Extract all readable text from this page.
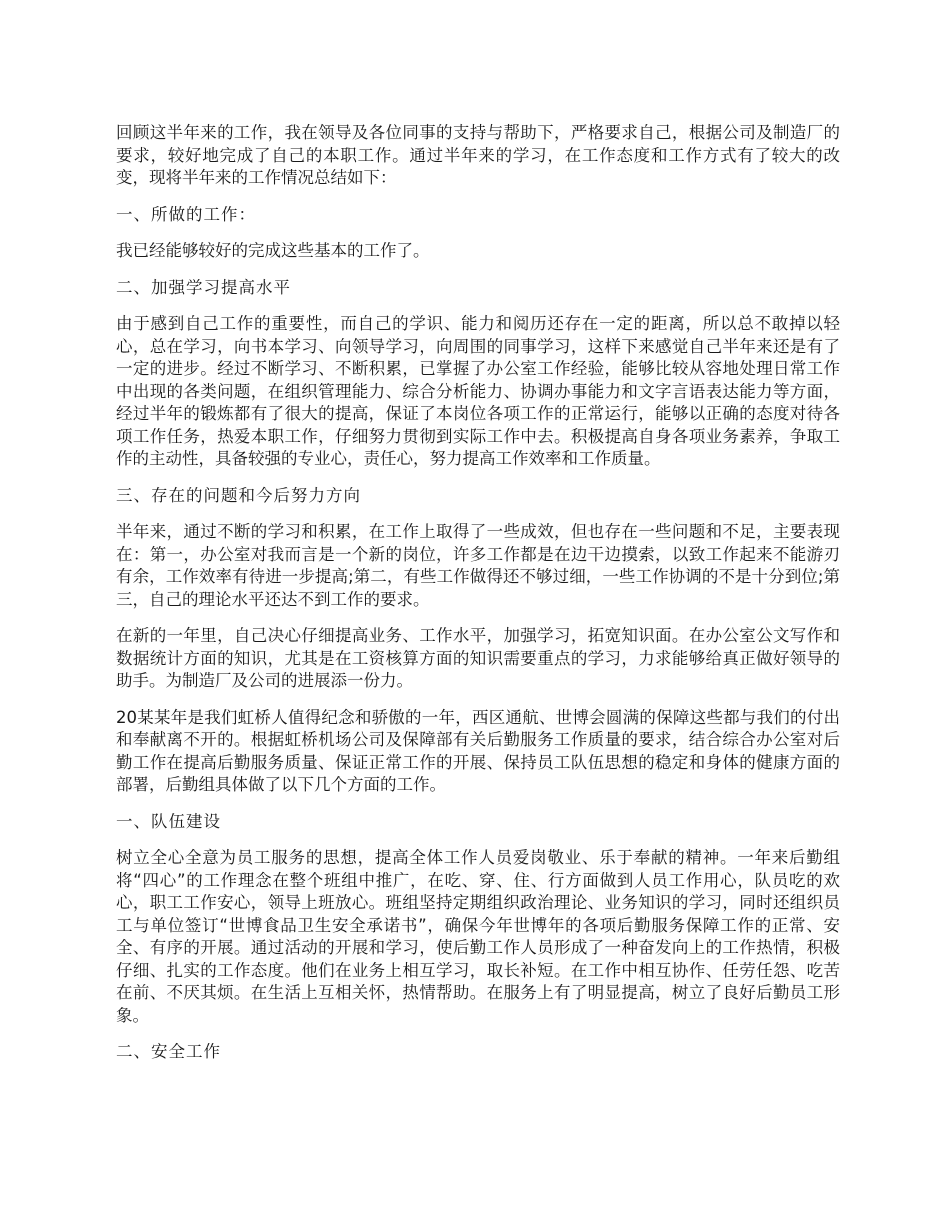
回顾这半年来的工作，我在领导及各位同事的支持与帮助下，严格要求自己，根据公司及制造厂的要求，较好地完成了自己的本职工作。通过半年来的学习，在工作态度和工作方式有了较大的改变，现将半年来的工作情况总结如下：

一、所做的工作：

我已经能够较好的完成这些基本的工作了。

二、加强学习提高水平

由于感到自己工作的重要性，而自己的学识、能力和阅历还存在一定的距离，所以总不敢掉以轻心，总在学习，向书本学习、向领导学习，向周围的同事学习，这样下来感觉自己半年来还是有了一定的进步。经过不断学习、不断积累，已掌握了办公室工作经验，能够比较从容地处理日常工作中出现的各类问题，在组织管理能力、综合分析能力、协调办事能力和文字言语表达能力等方面，经过半年的锻炼都有了很大的提高，保证了本岗位各项工作的正常运行，能够以正确的态度对待各项工作任务，热爱本职工作，仔细努力贯彻到实际工作中去。积极提高自身各项业务素养，争取工作的主动性，具备较强的专业心，责任心，努力提高工作效率和工作质量。

三、存在的问题和今后努力方向

半年来，通过不断的学习和积累，在工作上取得了一些成效，但也存在一些问题和不足，主要表现在：第一，办公室对我而言是一个新的岗位，许多工作都是在边干边摸索，以致工作起来不能游刃有余，工作效率有待进一步提高;第二，有些工作做得还不够过细，一些工作协调的不是十分到位;第三，自己的理论水平还达不到工作的要求。

在新的一年里，自己决心仔细提高业务、工作水平，加强学习，拓宽知识面。在办公室公文写作和数据统计方面的知识，尤其是在工资核算方面的知识需要重点的学习，力求能够给真正做好领导的助手。为制造厂及公司的进展添一份力。

20某某年是我们虹桥人值得纪念和骄傲的一年，西区通航、世博会圆满的保障这些都与我们的付出和奉献离不开的。根据虹桥机场公司及保障部有关后勤服务工作质量的要求，结合综合办公室对后勤工作在提高后勤服务质量、保证正常工作的开展、保持员工队伍思想的稳定和身体的健康方面的部署，后勤组具体做了以下几个方面的工作。

一、队伍建设

树立全心全意为员工服务的思想，提高全体工作人员爱岗敬业、乐于奉献的精神。一年来后勤组将“四心”的工作理念在整个班组中推广，在吃、穿、住、行方面做到人员工作用心，队员吃的欢心，职工工作安心，领导上班放心。班组坚持定期组织政治理论、业务知识的学习，同时还组织员工与单位签订“世博食品卫生安全承诺书”，确保今年世博年的各项后勤服务保障工作的正常、安全、有序的开展。通过活动的开展和学习，使后勤工作人员形成了一种奋发向上的工作热情，积极仔细、扎实的工作态度。他们在业务上相互学习，取长补短。在工作中相互协作、任劳任怨、吃苦在前、不厌其烦。在生活上互相关怀，热情帮助。在服务上有了明显提高，树立了良好后勤员工形象。

二、安全工作
